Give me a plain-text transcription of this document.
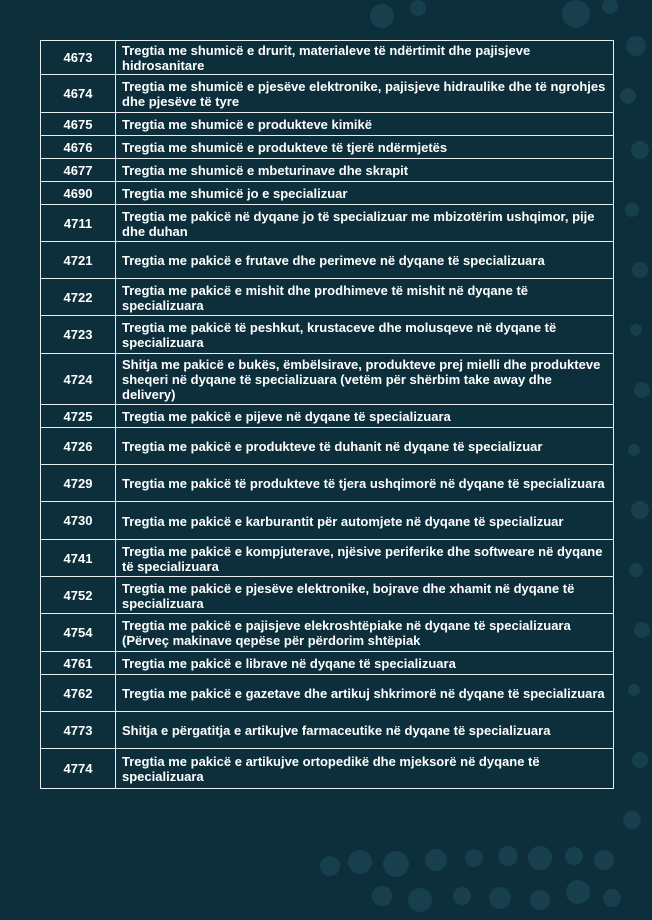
4673	Tregtia me shumicë e drurit, materialeve të ndërtimit dhe pajisjeve hidrosanitare
4674	Tregtia me shumicë e pjesëve elektronike, pajisjeve hidraulike dhe të ngrohjes dhe pjesëve të tyre
4675	Tregtia me shumicë e produkteve kimikë
4676	Tregtia me shumicë e produkteve të tjerë ndërmjetës
4677	Tregtia me shumicë e mbeturinave dhe skrapit
4690	Tregtia me shumicë jo e specializuar
4711	Tregtia me pakicë në dyqane jo të specializuar me mbizotërim ushqimor, pije dhe duhan
4721	Tregtia me pakicë e frutave dhe perimeve në dyqane të specializuara
4722	Tregtia me pakicë e mishit dhe prodhimeve të mishit në dyqane të specializuara
4723	Tregtia me pakicë të peshkut, krustaceve dhe molusqeve në dyqane të specializuara
4724	Shitja me pakicë e bukës, ëmbëlsirave, produkteve prej mielli dhe produkteve sheqeri në dyqane të specializuara (vetëm për shërbim take away dhe delivery)
4725	Tregtia me pakicë e pijeve në dyqane të specializuara
4726	Tregtia me pakicë e produkteve të duhanit në dyqane të specializuar
4729	Tregtia me pakicë të produkteve të tjera ushqimorë në dyqane të specializuara
4730	Tregtia me pakicë e karburantit për automjete në dyqane të specializuar
4741	Tregtia me pakicë e kompjuterave, njësive periferike dhe softweare në dyqane të specializuara
4752	Tregtia me pakicë e pjesëve elektronike, bojrave dhe xhamit në dyqane të specializuara
4754	Tregtia me pakicë e pajisjeve elekroshtëpiake në dyqane të specializuara (Përveç makinave qepëse për përdorim shtëpiak
4761	Tregtia me pakicë e librave në dyqane të specializuara
4762	Tregtia me pakicë e gazetave dhe artikuj shkrimorë në dyqane të specializuara
4773	Shitja e përgatitja e artikujve farmaceutike në dyqane të specializuara
4774	Tregtia me pakicë e artikujve ortopedikë dhe mjeksorë në dyqane të specializuara
